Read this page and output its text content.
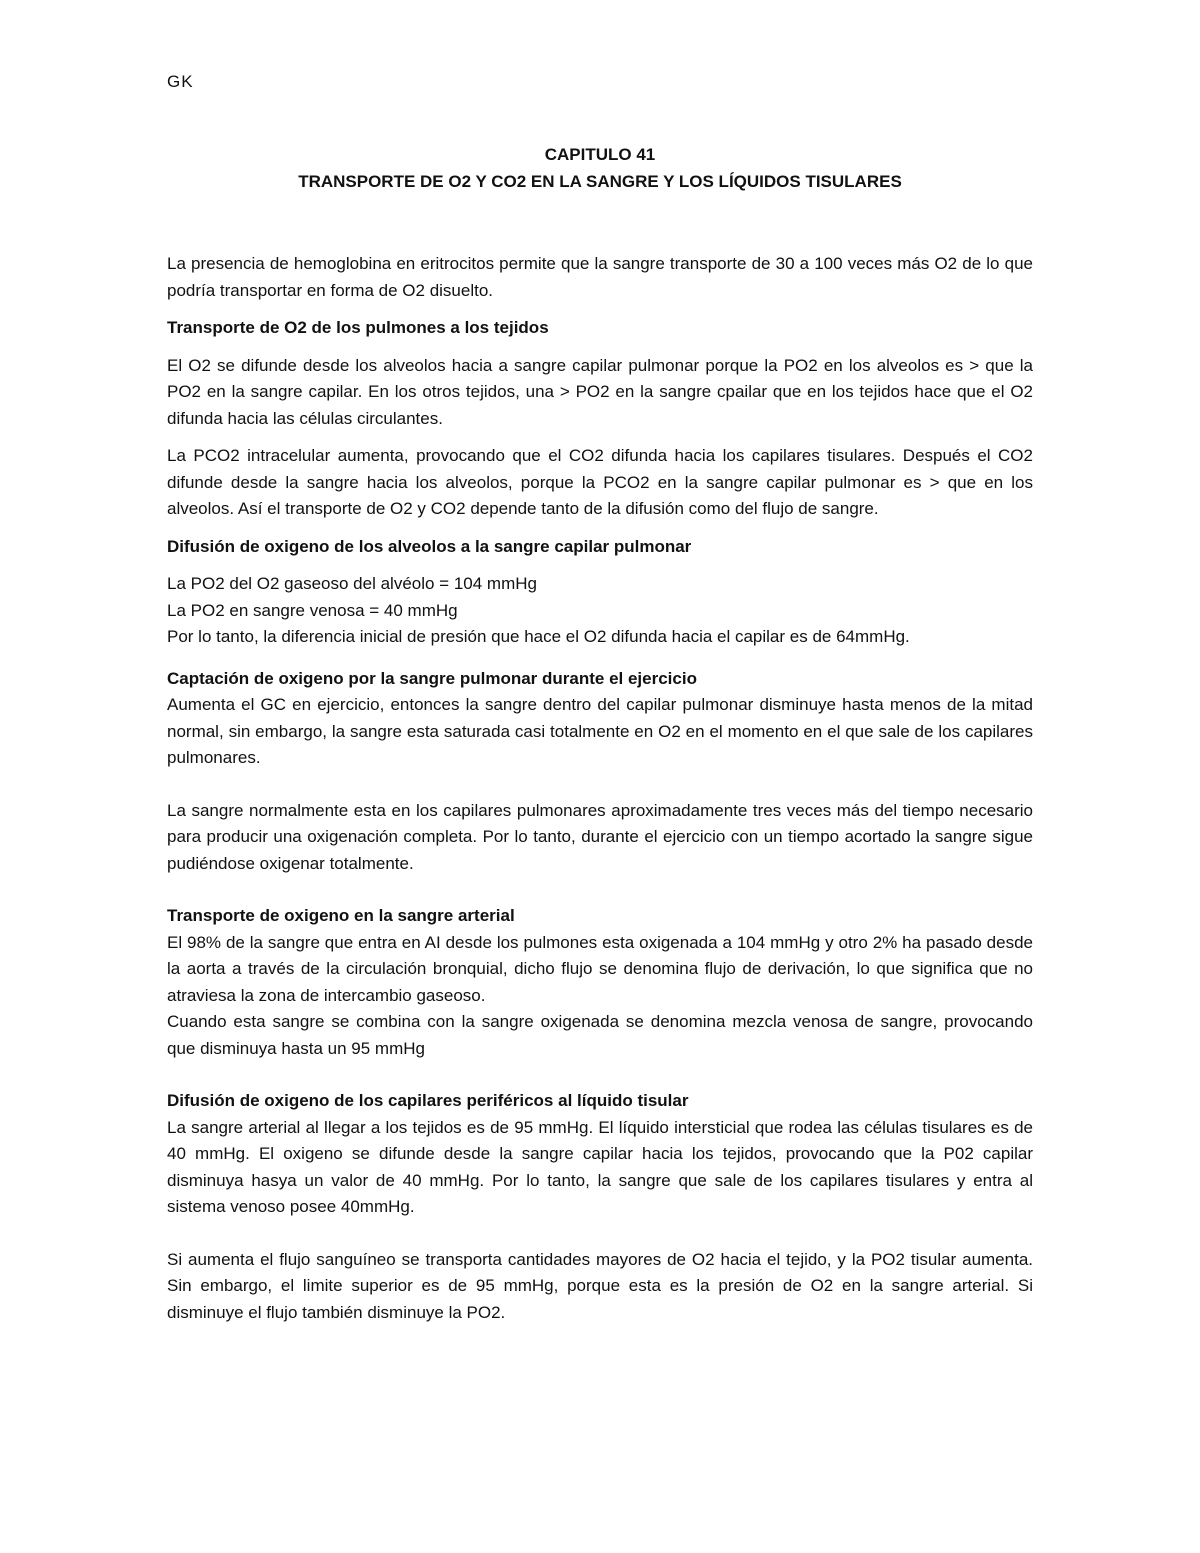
GK
CAPITULO 41
TRANSPORTE DE O2 Y CO2 EN LA SANGRE Y LOS LÍQUIDOS TISULARES

La presencia de hemoglobina en eritrocitos permite que la sangre transporte de 30 a 100 veces más O2 de lo que podría transportar en forma de O2 disuelto.

Transporte de O2 de los pulmones a los tejidos

El O2 se difunde desde los alveolos hacia a sangre capilar pulmonar porque la PO2 en los alveolos es > que la PO2 en la sangre capilar. En los otros tejidos, una > PO2 en la sangre cpailar que en los tejidos hace que el O2 difunda hacia las células circulantes.

La PCO2 intracelular aumenta, provocando que el CO2 difunda hacia los capilares tisulares. Después el CO2 difunde desde la sangre hacia los alveolos, porque la PCO2 en la sangre capilar pulmonar es > que en los alveolos. Así el transporte de O2 y CO2 depende tanto de la difusión como del flujo de sangre.

Difusión de oxigeno de los alveolos a la sangre capilar pulmonar

La PO2 del O2 gaseoso del alvéolo = 104 mmHg

La PO2 en sangre venosa = 40 mmHg

Por lo tanto, la diferencia inicial de presión que hace el O2 difunda hacia el capilar es de 64mmHg.

Captación de oxigeno por la sangre pulmonar durante el ejercicio

Aumenta el GC en ejercicio, entonces la sangre dentro del capilar pulmonar disminuye hasta menos de la mitad normal, sin embargo, la sangre esta saturada casi totalmente en O2 en el momento en el que sale de los capilares pulmonares.

La sangre normalmente esta en los capilares pulmonares aproximadamente tres veces más del tiempo necesario para producir una oxigenación completa. Por lo tanto, durante el ejercicio con un tiempo acortado la sangre sigue pudiéndose oxigenar totalmente.

Transporte de oxigeno en la sangre arterial

El 98% de la sangre que entra en AI desde los pulmones esta oxigenada a 104 mmHg y otro 2% ha pasado desde la aorta a través de la circulación bronquial, dicho flujo se denomina flujo de derivación, lo que significa que no atraviesa la zona de intercambio gaseoso.

Cuando esta sangre se combina con la sangre oxigenada se denomina mezcla venosa de sangre, provocando que disminuya hasta un 95 mmHg

Difusión de oxigeno de los capilares periféricos al líquido tisular

La sangre arterial al llegar a los tejidos es de 95 mmHg. El líquido intersticial que rodea las células tisulares es de 40 mmHg. El oxigeno se difunde desde la sangre capilar hacia los tejidos, provocando que la P02 capilar disminuya hasya un valor de 40 mmHg. Por lo tanto, la sangre que sale de los capilares tisulares y entra al sistema venoso posee 40mmHg.

Si aumenta el flujo sanguíneo se transporta cantidades mayores de O2 hacia el tejido, y la PO2 tisular aumenta. Sin embargo, el limite superior es de 95 mmHg, porque esta es la presión de O2 en la sangre arterial. Si disminuye el flujo también disminuye la PO2.
